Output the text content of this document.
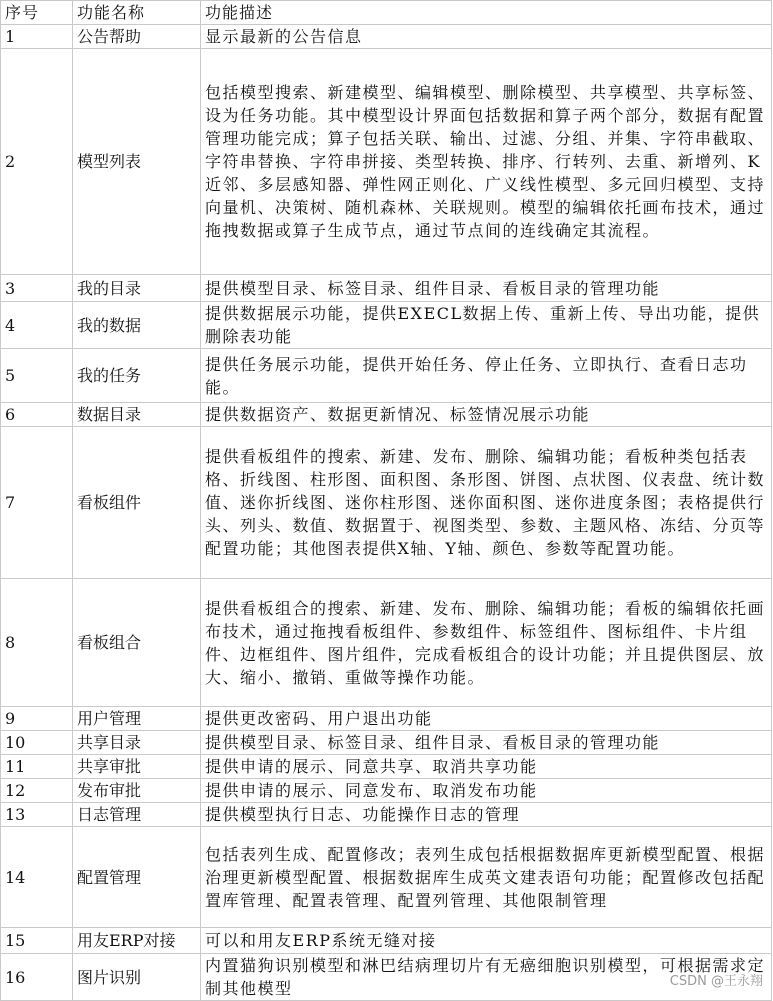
序号	功能名称	功能描述
1	公告帮助	显示最新的公告信息
2	模型列表	包括模型搜索、新建模型、编辑模型、删除模型、共享模型、共享标签、设为任务功能。其中模型设计界面包括数据和算子两个部分，数据有配置管理功能完成；算子包括关联、输出、过滤、分组、并集、字符串截取、字符串替换、字符串拼接、类型转换、排序、行转列、去重、新增列、K近邻、多层感知器、弹性网正则化、广义线性模型、多元回归模型、支持向量机、决策树、随机森林、关联规则。模型的编辑依托画布技术，通过拖拽数据或算子生成节点，通过节点间的连线确定其流程。
3	我的目录	提供模型目录、标签目录、组件目录、看板目录的管理功能
4	我的数据	提供数据展示功能，提供EXECL数据上传、重新上传、导出功能，提供删除表功能
5	我的任务	提供任务展示功能，提供开始任务、停止任务、立即执行、查看日志功能。
6	数据目录	提供数据资产、数据更新情况、标签情况展示功能
7	看板组件	提供看板组件的搜索、新建、发布、删除、编辑功能；看板种类包括表格、折线图、柱形图、面积图、条形图、饼图、点状图、仪表盘、统计数值、迷你折线图、迷你柱形图、迷你面积图、迷你进度条图；表格提供行头、列头、数值、数据置于、视图类型、参数、主题风格、冻结、分页等配置功能；其他图表提供X轴、Y轴、颜色、参数等配置功能。
8	看板组合	提供看板组合的搜索、新建、发布、删除、编辑功能；看板的编辑依托画布技术，通过拖拽看板组件、参数组件、标签组件、图标组件、卡片组件、边框组件、图片组件，完成看板组合的设计功能；并且提供图层、放大、缩小、撤销、重做等操作功能。
9	用户管理	提供更改密码、用户退出功能
10	共享目录	提供模型目录、标签目录、组件目录、看板目录的管理功能
11	共享审批	提供申请的展示、同意共享、取消共享功能
12	发布审批	提供申请的展示、同意发布、取消发布功能
13	日志管理	提供模型执行日志、功能操作日志的管理
14	配置管理	包括表列生成、配置修改；表列生成包括根据数据库更新模型配置、根据治理更新模型配置、根据数据库生成英文建表语句功能；配置修改包括配置库管理、配置表管理、配置列管理、其他限制管理
15	用友ERP对接	可以和用友ERP系统无缝对接
16	图片识别	内置猫狗识别模型和淋巴结病理切片有无癌细胞识别模型，可根据需求定制其他模型	CSDN @王永翔
